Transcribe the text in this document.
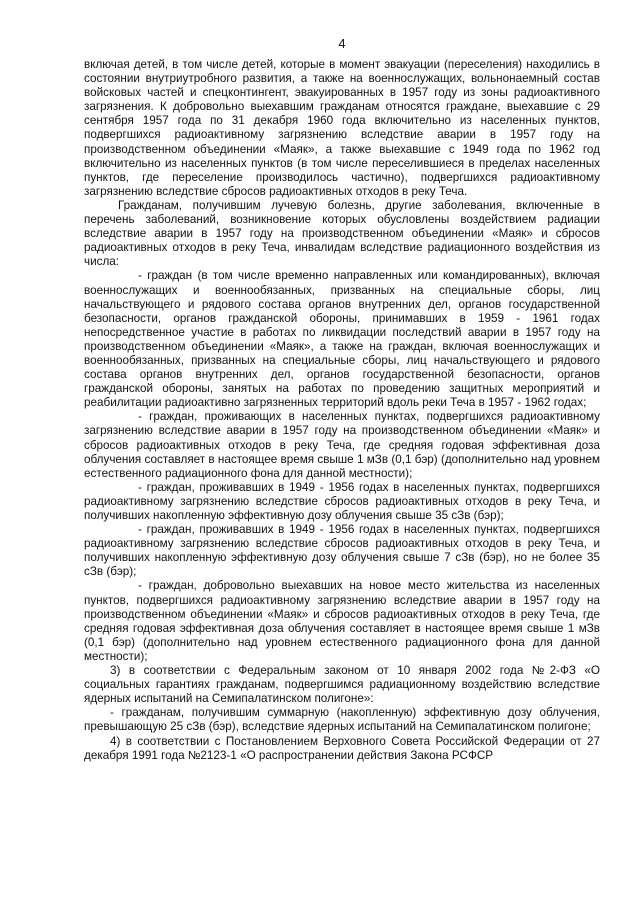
4

включая детей, в том числе детей, которые в момент эвакуации (переселения) находились в состоянии внутриутробного развития, а также на военнослужащих, вольнонаемный состав войсковых частей и спецконтингент, эвакуированных в 1957 году из зоны радиоактивного загрязнения. К добровольно выехавшим гражданам относятся граждане, выехавшие с 29 сентября 1957 года по 31 декабря 1960 года включительно из населенных пунктов, подвергшихся радиоактивному загрязнению вследствие аварии в 1957 году на производственном объединении «Маяк», а также выехавшие с 1949 года по 1962 год включительно из населенных пунктов (в том числе переселившиеся в пределах населенных пунктов, где переселение производилось частично), подвергшихся радиоактивному загрязнению вследствие сбросов радиоактивных отходов в реку Теча.

Гражданам, получившим лучевую болезнь, другие заболевания, включенные в перечень заболеваний, возникновение которых обусловлены воздействием радиации вследствие аварии в 1957 году на производственном объединении «Маяк» и сбросов радиоактивных отходов в реку Теча, инвалидам вследствие радиационного воздействия из числа:

- граждан (в том числе временно направленных или командированных), включая военнослужащих и военнообязанных, призванных на специальные сборы, лиц начальствующего и рядового состава органов внутренних дел, органов государственной безопасности, органов гражданской обороны, принимавших в 1959 - 1961 годах непосредственное участие в работах по ликвидации последствий аварии в 1957 году на производственном объединении «Маяк», а также на граждан, включая военнослужащих и военнообязанных, призванных на специальные сборы, лиц начальствующего и рядового состава органов внутренних дел, органов государственной безопасности, органов гражданской обороны, занятых на работах по проведению защитных мероприятий и реабилитации радиоактивно загрязненных территорий вдоль реки Теча в 1957 - 1962 годах;

- граждан, проживающих в населенных пунктах, подвергшихся радиоактивному загрязнению вследствие аварии в 1957 году на производственном объединении «Маяк» и сбросов радиоактивных отходов в реку Теча, где средняя годовая эффективная доза облучения составляет в настоящее время свыше 1 мЗв (0,1 бэр) (дополнительно над уровнем естественного радиационного фона для данной местности);

- граждан, проживавших в 1949 - 1956 годах в населенных пунктах, подвергшихся радиоактивному загрязнению вследствие сбросов радиоактивных отходов в реку Теча, и получивших накопленную эффективную дозу облучения свыше 35 сЗв (бэр);

- граждан, проживавших в 1949 - 1956 годах в населенных пунктах, подвергшихся радиоактивному загрязнению вследствие сбросов радиоактивных отходов в реку Теча, и получивших накопленную эффективную дозу облучения свыше 7 сЗв (бэр), но не более 35 сЗв (бэр);

- граждан, добровольно выехавших на новое место жительства из населенных пунктов, подвергшихся радиоактивному загрязнению вследствие аварии в 1957 году на производственном объединении «Маяк» и сбросов радиоактивных отходов в реку Теча, где средняя годовая эффективная доза облучения составляет в настоящее время свыше 1 мЗв (0,1 бэр) (дополнительно над уровнем естественного радиационного фона для данной местности);

3) в соответствии с Федеральным законом от 10 января 2002 года №2-ФЗ «О социальных гарантиях гражданам, подвергшимся радиационному воздействию вследствие ядерных испытаний на Семипалатинском полигоне»:

- гражданам, получившим суммарную (накопленную) эффективную дозу облучения, превышающую 25 сЗв (бэр), вследствие ядерных испытаний на Семипалатинском полигоне;

4) в соответствии с Постановлением Верховного Совета Российской Федерации от 27 декабря 1991 года №2123-1 «О распространении действия Закона РСФСР
